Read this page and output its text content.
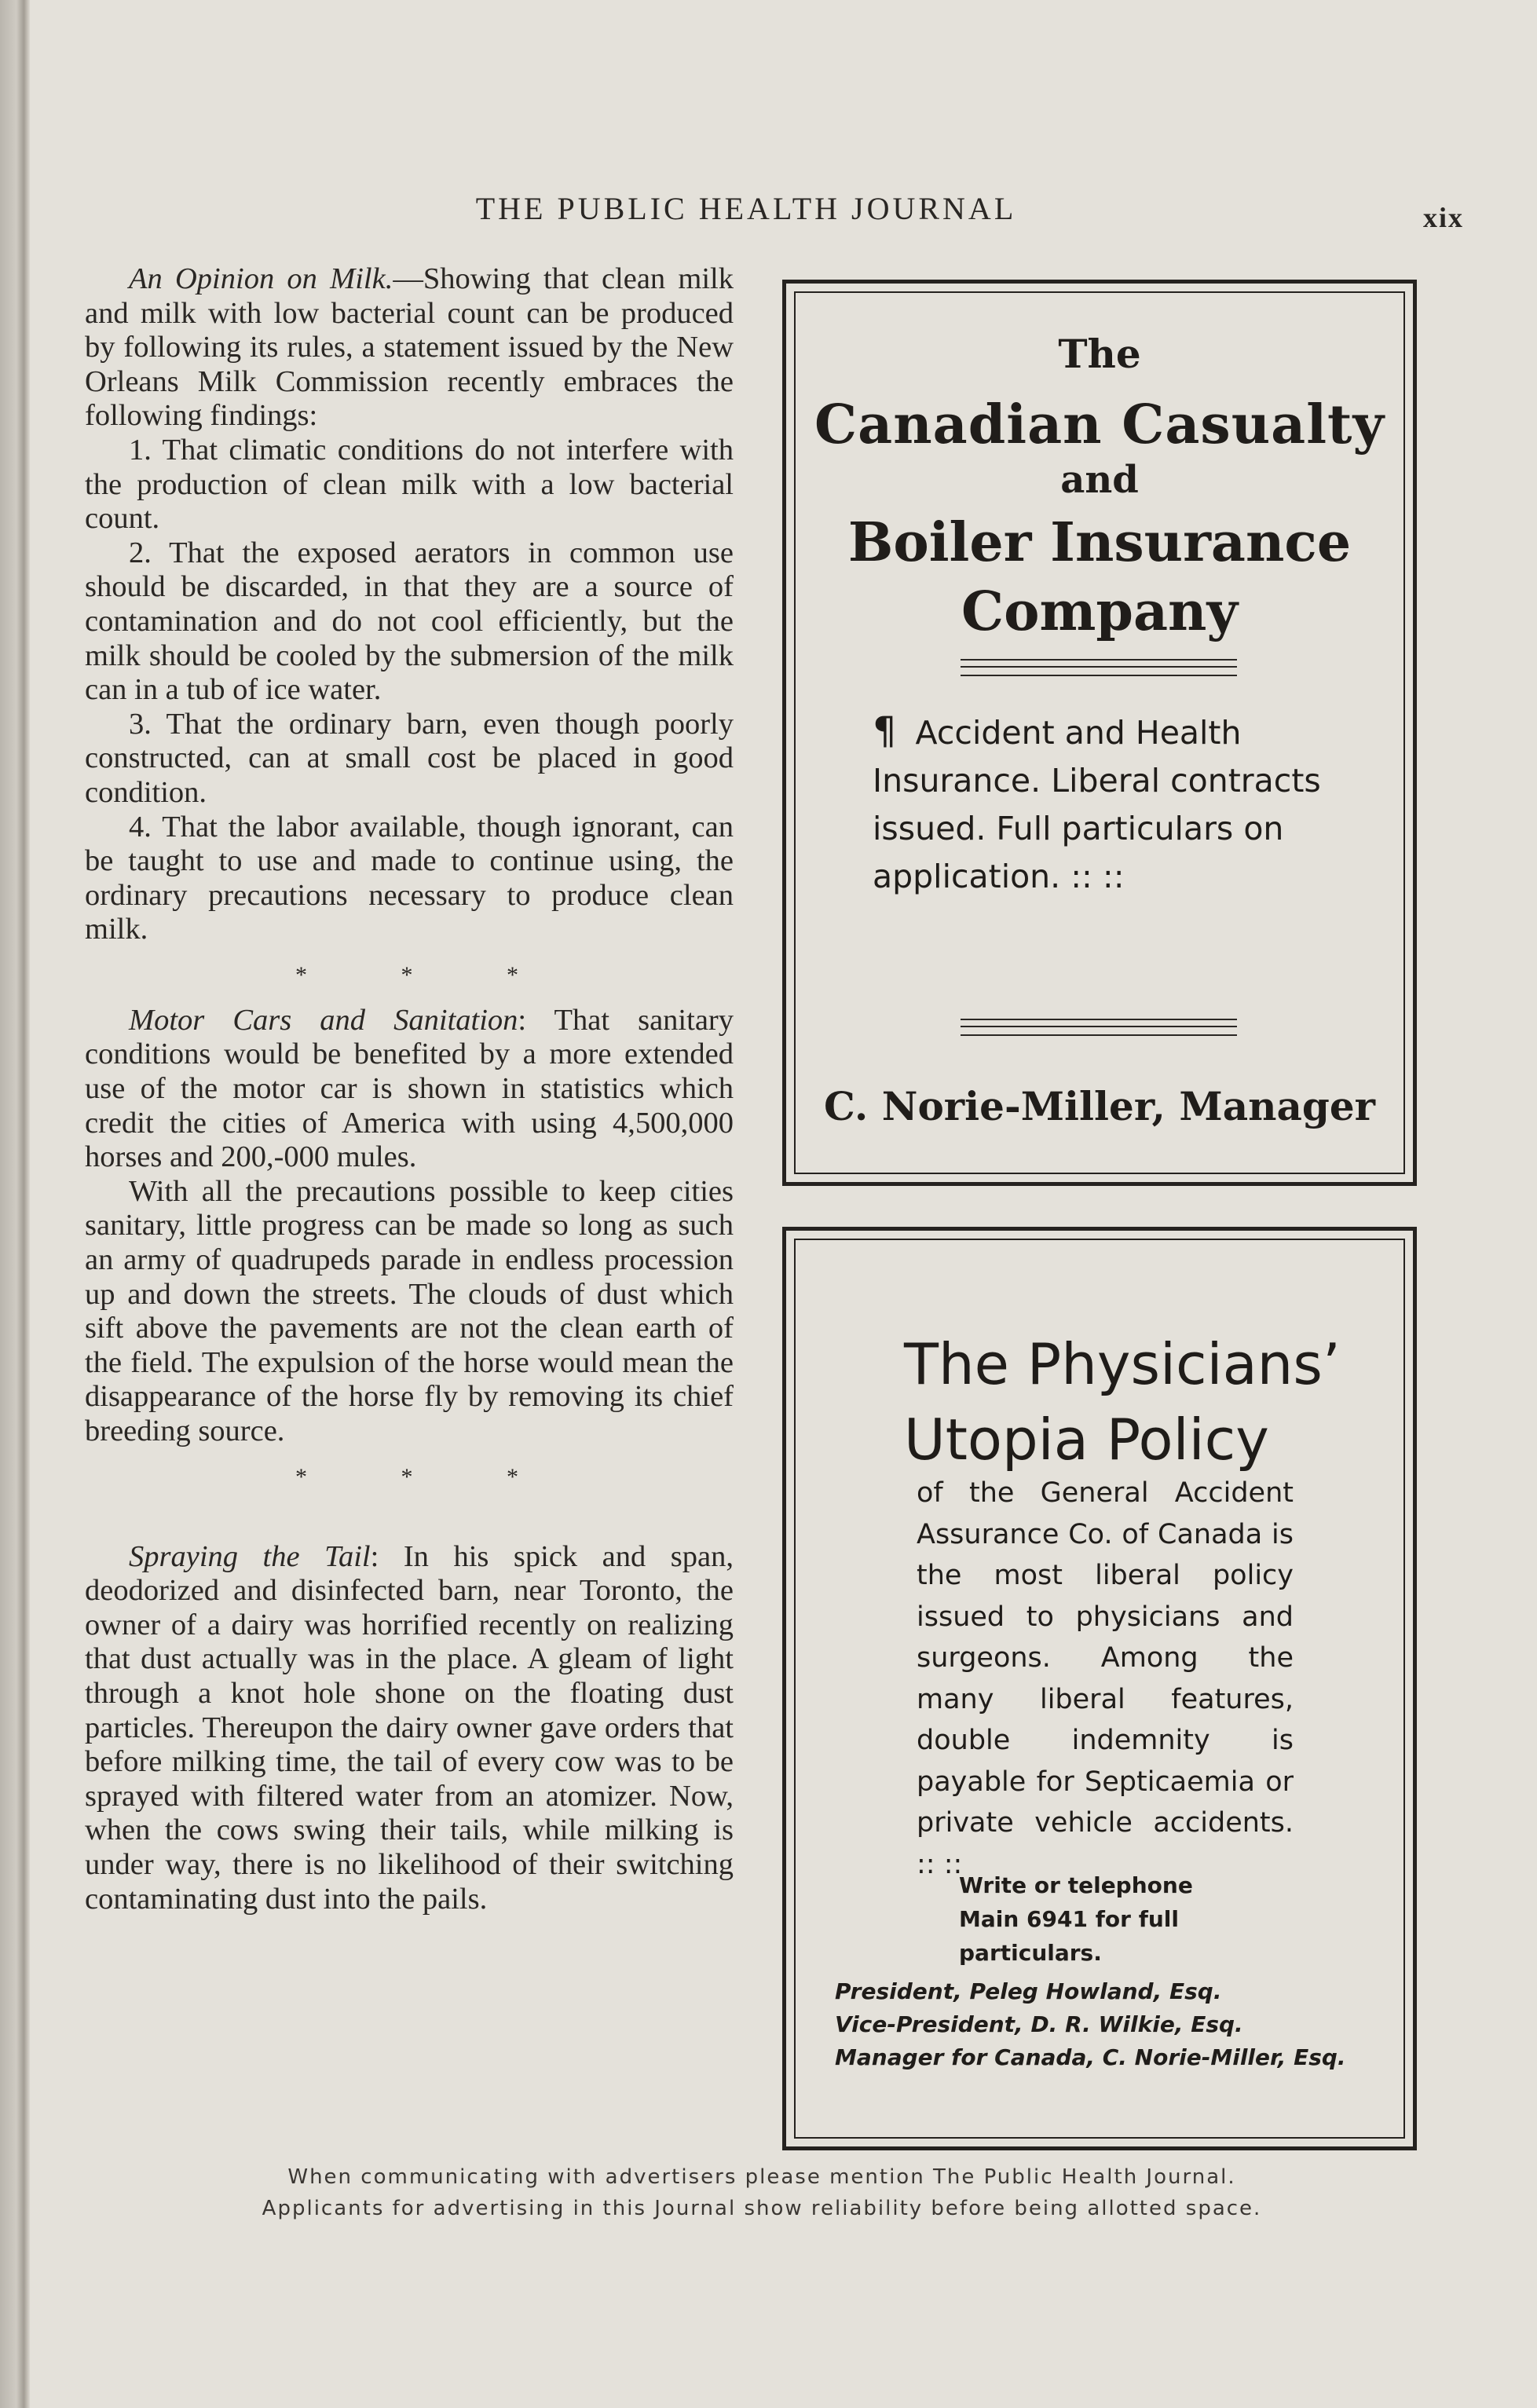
THE PUBLIC HEALTH JOURNAL	xix

An Opinion on Milk.—Showing that clean milk and milk with low bacterial count can be produced by following its rules, a statement issued by the New Orleans Milk Commission recently embraces the following findings:

1. That climatic conditions do not interfere with the production of clean milk with a low bacterial count.

2. That the exposed aerators in common use should be discarded, in that they are a source of contamination and do not cool efficiently, but the milk should be cooled by the submersion of the milk can in a tub of ice water.

3. That the ordinary barn, even though poorly constructed, can at small cost be placed in good condition.

4. That the labor available, though ignorant, can be taught to use and made to continue using, the ordinary precautions necessary to produce clean milk.

* * *

Motor Cars and Sanitation: That sanitary conditions would be benefited by a more extended use of the motor car is shown in statistics which credit the cities of America with using 4,500,000 horses and 200,-000 mules.

With all the precautions possible to keep cities sanitary, little progress can be made so long as such an army of quadrupeds parade in endless procession up and down the streets. The clouds of dust which sift above the pavements are not the clean earth of the field. The expulsion of the horse would mean the disappearance of the horse fly by removing its chief breeding source.

* * *

Spraying the Tail: In his spick and span, deodorized and disinfected barn, near Toronto, the owner of a dairy was horrified recently on realizing that dust actually was in the place. A gleam of light through a knot hole shone on the floating dust particles. Thereupon the dairy owner gave orders that before milking time, the tail of every cow was to be sprayed with filtered water from an atomizer. Now, when the cows swing their tails, while milking is under way, there is no likelihood of their switching contaminating dust into the pails.

The
Canadian Casualty
and
Boiler Insurance
Company
¶ Accident and Health Insurance. Liberal contracts issued. Full particulars on application. :: ::
C. Norie-Miller, Manager
The Physicians’
Utopia Policy
of the General Accident Assurance Co. of Canada is the most liberal policy issued to physicians and surgeons. Among the many liberal features, double indemnity is payable for Septicaemia or private vehicle accidents. :: ::
Write or telephone Main 6941 for full particulars.
President, Peleg Howland, Esq.
Vice-President, D. R. Wilkie, Esq.
Manager for Canada, C. Norie-Miller, Esq.
When communicating with advertisers please mention The Public Health Journal.
Applicants for advertising in this Journal show reliability before being allotted space.
